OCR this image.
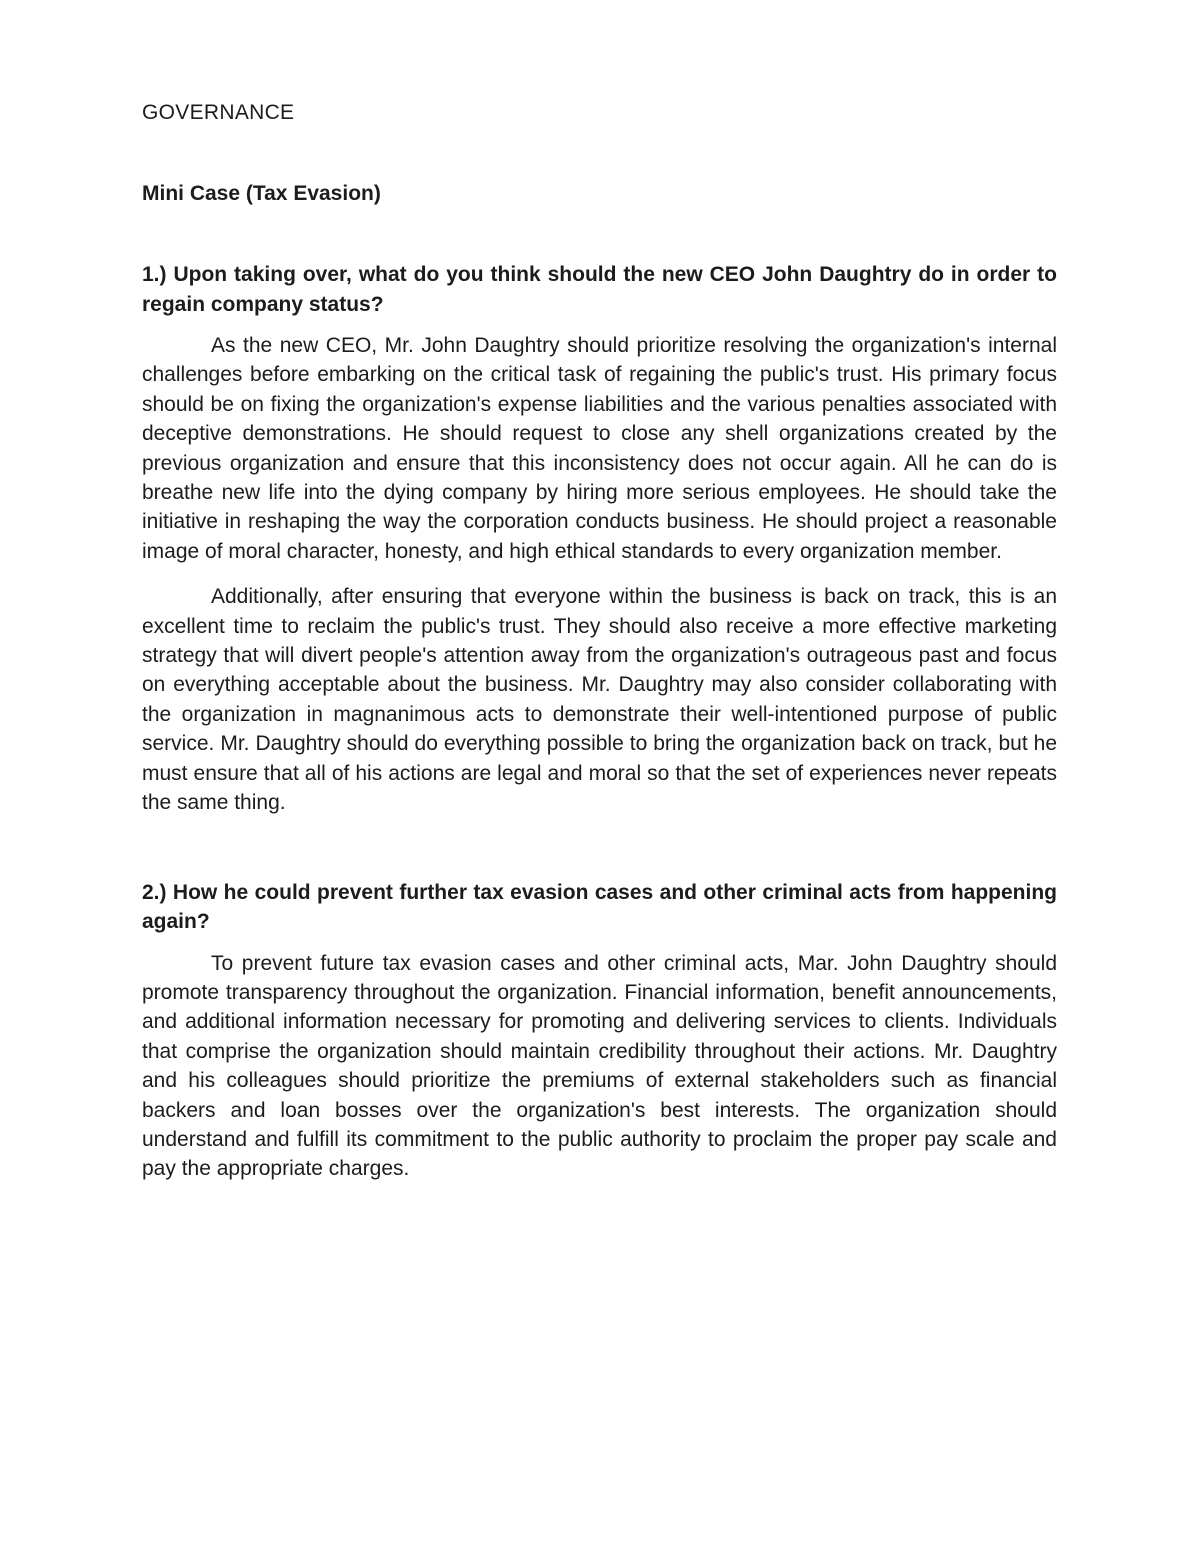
GOVERNANCE
Mini Case (Tax Evasion)

1.) Upon taking over, what do you think should the new CEO John Daughtry do in order to regain company status?

As the new CEO, Mr. John Daughtry should prioritize resolving the organization's internal challenges before embarking on the critical task of regaining the public's trust. His primary focus should be on fixing the organization's expense liabilities and the various penalties associated with deceptive demonstrations. He should request to close any shell organizations created by the previous organization and ensure that this inconsistency does not occur again. All he can do is breathe new life into the dying company by hiring more serious employees. He should take the initiative in reshaping the way the corporation conducts business. He should project a reasonable image of moral character, honesty, and high ethical standards to every organization member.

Additionally, after ensuring that everyone within the business is back on track, this is an excellent time to reclaim the public's trust. They should also receive a more effective marketing strategy that will divert people's attention away from the organization's outrageous past and focus on everything acceptable about the business. Mr. Daughtry may also consider collaborating with the organization in magnanimous acts to demonstrate their well-intentioned purpose of public service. Mr. Daughtry should do everything possible to bring the organization back on track, but he must ensure that all of his actions are legal and moral so that the set of experiences never repeats the same thing.

2.) How he could prevent further tax evasion cases and other criminal acts from happening again?

To prevent future tax evasion cases and other criminal acts, Mar. John Daughtry should promote transparency throughout the organization. Financial information, benefit announcements, and additional information necessary for promoting and delivering services to clients. Individuals that comprise the organization should maintain credibility throughout their actions. Mr. Daughtry and his colleagues should prioritize the premiums of external stakeholders such as financial backers and loan bosses over the organization's best interests. The organization should understand and fulfill its commitment to the public authority to proclaim the proper pay scale and pay the appropriate charges.
